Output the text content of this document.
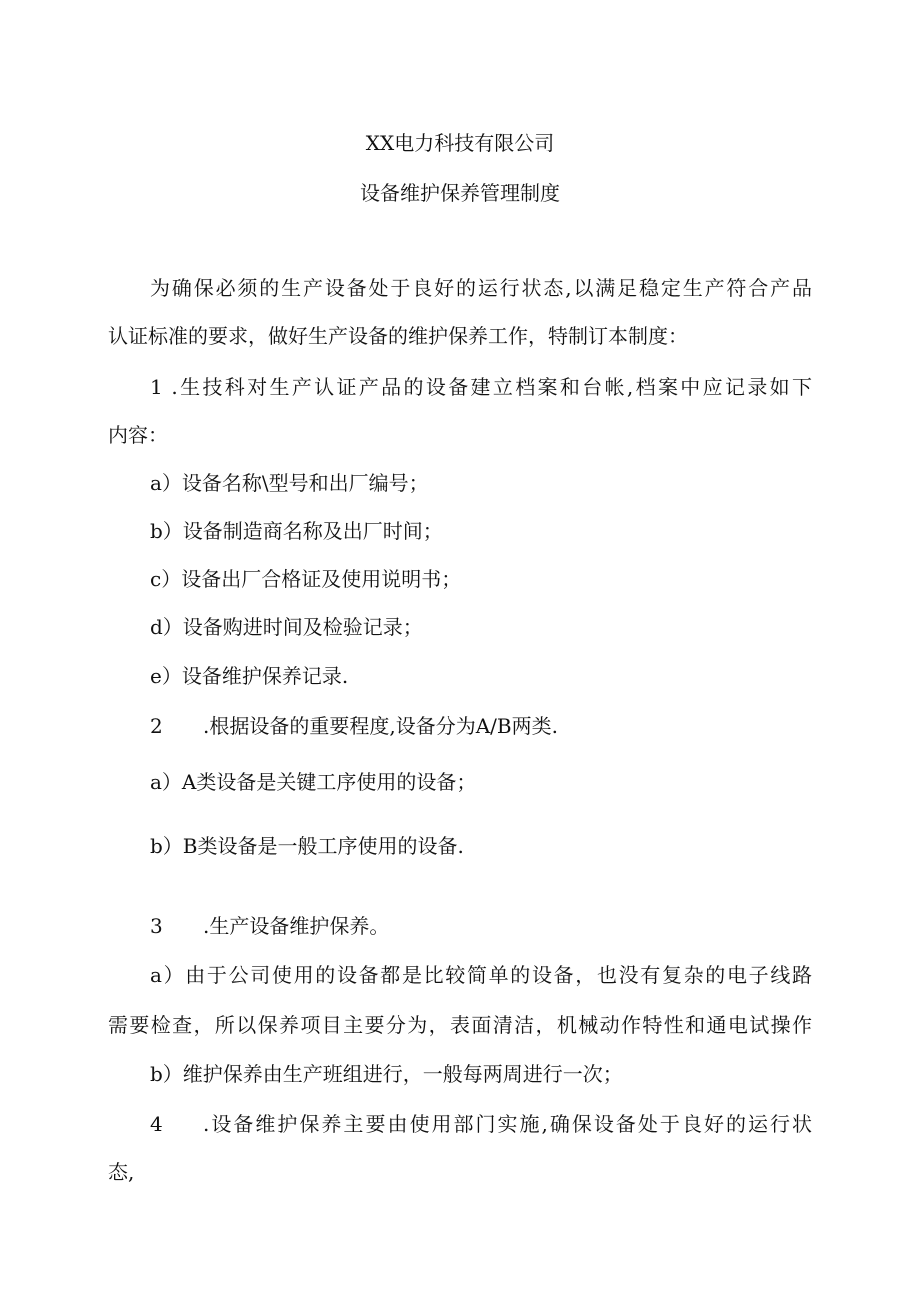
XX电力科技有限公司
设备维护保养管理制度
为确保必须的生产设备处于良好的运行状态,以满足稳定生产符合产品
认证标准的要求，做好生产设备的维护保养工作，特制订本制度：
1 .生技科对生产认证产品的设备建立档案和台帐,档案中应记录如下
内容：
a）设备名称\型号和出厂编号；
b）设备制造商名称及出厂时间；
c）设备出厂合格证及使用说明书；
d）设备购进时间及检验记录；
e）设备维护保养记录.
2 .根据设备的重要程度,设备分为A/B两类.
a）A类设备是关键工序使用的设备；
b）B类设备是一般工序使用的设备.
3 .生产设备维护保养。
a）由于公司使用的设备都是比较简单的设备，也没有复杂的电子线路
需要检查，所以保养项目主要分为，表面清洁，机械动作特性和通电试操作
b）维护保养由生产班组进行，一般每两周进行一次；
4 .设备维护保养主要由使用部门实施,确保设备处于良好的运行状
态,
